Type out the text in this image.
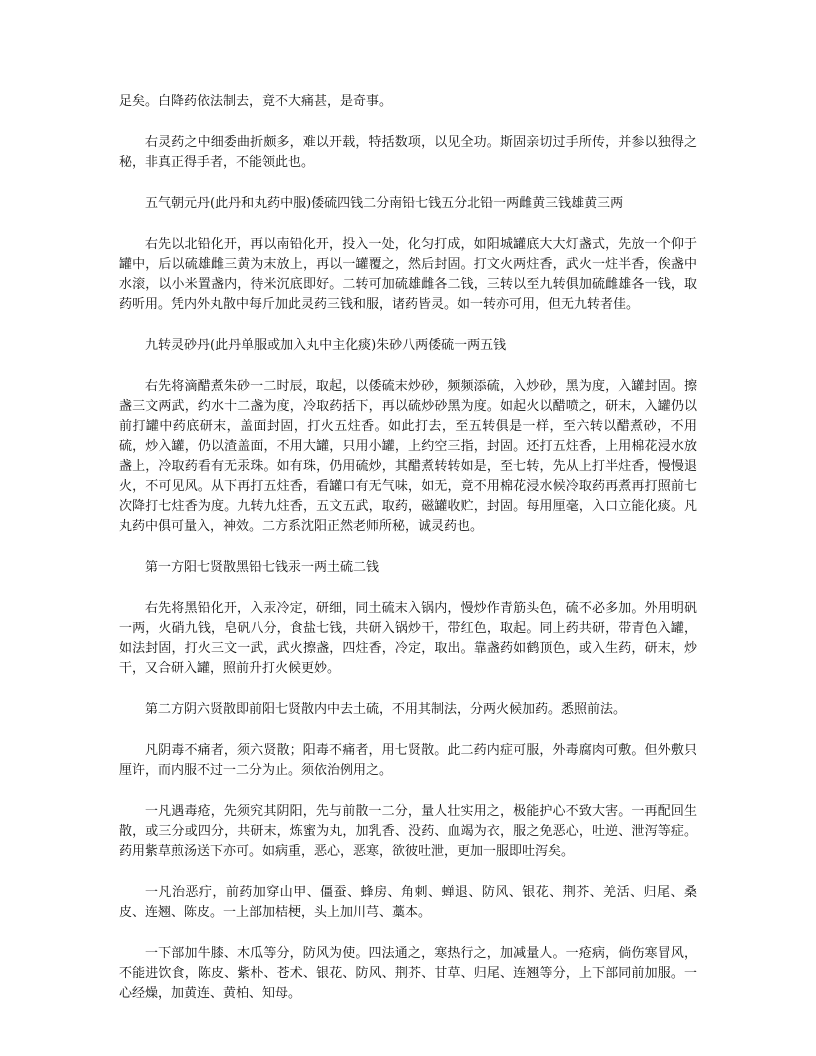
足矣。白降药依法制去，竟不大痛甚，是奇事。

右灵药之中细委曲折颇多，难以开载，特括数项，以见全功。斯固亲切过手所传，并参以独得之秘，非真正得手者，不能领此也。

五气朝元丹(此丹和丸药中服)倭硫四钱二分南铅七钱五分北铅一两雌黄三钱雄黄三两

右先以北铅化开，再以南铅化开，投入一处，化匀打成，如阳城罐底大大灯盏式，先放一个仰于罐中，后以硫雄雌三黄为末放上，再以一罐覆之，然后封固。打文火两炷香，武火一炷半香，俟盏中水滚，以小米置盏内，待米沉底即好。二转可加硫雄雌各二钱，三转以至九转俱加硫雌雄各一钱，取药听用。凭内外丸散中每斤加此灵药三钱和服，诸药皆灵。如一转亦可用，但无九转者佳。

九转灵砂丹(此丹单服或加入丸中主化痰)朱砂八两倭硫一两五钱

右先将滴醋煮朱砂一二时辰，取起，以倭硫末炒砂，频频添硫，入炒砂，黑为度，入罐封固。擦盏三文两武，约水十二盏为度，冷取药括下，再以硫炒砂黑为度。如起火以醋喷之，研末，入罐仍以前打罐中药底研末，盖面封固，打火五炷香。如此打去，至五转俱是一样，至六转以醋煮砂，不用硫，炒入罐，仍以渣盖面，不用大罐，只用小罐，上约空三指，封固。还打五炷香，上用棉花浸水放盏上，冷取药看有无汞珠。如有珠，仍用硫炒，其醋煮转转如是，至七转，先从上打半炷香，慢慢退火，不可见风。从下再打五炷香，看罐口有无气味，如无，竟不用棉花浸水候冷取药再煮再打照前七次降打七炷香为度。九转九炷香，五文五武，取药，磁罐收贮，封固。每用厘毫，入口立能化痰。凡丸药中俱可量入，神效。二方系沈阳正然老师所秘，诚灵药也。

第一方阳七贤散黑铅七钱汞一两土硫二钱

右先将黑铅化开，入汞冷定，研细，同土硫末入锅内，慢炒作青筋头色，硫不必多加。外用明矾一两，火硝九钱，皂矾八分，食盐七钱，共研入锅炒干，带红色，取起。同上药共研，带青色入罐，如法封固，打火三文一武，武火擦盏，四炷香，冷定，取出。靠盏药如鹤顶色，或入生药，研末，炒干，又合研入罐，照前升打火候更妙。

第二方阴六贤散即前阳七贤散内中去土硫，不用其制法，分两火候加药。悉照前法。

凡阴毒不痛者，须六贤散；阳毒不痛者，用七贤散。此二药内症可服，外毒腐肉可敷。但外敷只厘许，而内服不过一二分为止。须依治例用之。

一凡遇毒疮，先须究其阴阳，先与前散一二分，量人壮实用之，极能护心不致大害。一再配回生散，或三分或四分，共研末，炼蜜为丸，加乳香、没药、血竭为衣，服之免恶心，吐逆、泄泻等症。药用紫草煎汤送下亦可。如病重，恶心，恶寒，欲彼吐泄，更加一服即吐泻矣。

一凡治恶疔，前药加穿山甲、僵蚕、蜂房、角刺、蝉退、防风、银花、荆芥、羌活、归尾、桑皮、连翘、陈皮。一上部加桔梗，头上加川芎、藁本。

一下部加牛膝、木瓜等分，防风为使。四法通之，寒热行之，加减量人。一疮病，倘伤寒冒风，不能进饮食，陈皮、紫朴、苍术、银花、防风、荆芥、甘草、归尾、连翘等分，上下部同前加服。一心经燥，加黄连、黄柏、知母。
